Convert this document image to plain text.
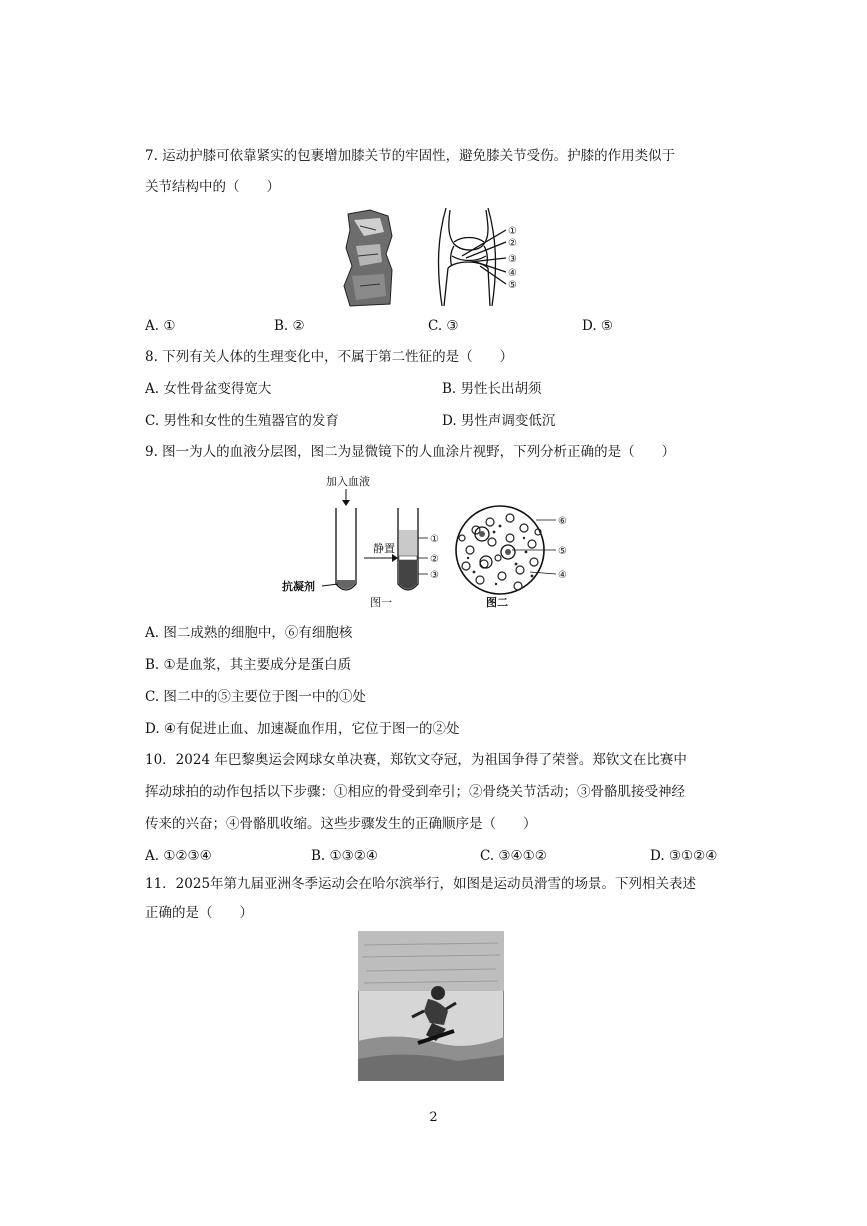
7. 运动护膝可依靠紧实的包裹增加膝关节的牢固性，避免膝关节受伤。护膝的作用类似于
关节结构中的（　　）
①
②
③
④
⑤
A. ①	B. ②	C. ③	D. ⑤
8. 下列有关人体的生理变化中，不属于第二性征的是（　　）
A. 女性骨盆变得宽大	B. 男性长出胡须
C. 男性和女性的生殖器官的发育	D. 男性声调变低沉
9. 图一为人的血液分层图，图二为显微镜下的人血涂片视野，下列分析正确的是（　　）
加入血液
抗凝剂
静置
①
②
③
图一
⑥
⑤
④
图二
A. 图二成熟的细胞中，⑥有细胞核
B. ①是血浆，其主要成分是蛋白质
C. 图二中的⑤主要位于图一中的①处
D. ④有促进止血、加速凝血作用，它位于图一的②处
10．2024 年巴黎奥运会网球女单决赛，郑钦文夺冠，为祖国争得了荣誉。郑钦文在比赛中
挥动球拍的动作包括以下步骤：①相应的骨受到牵引；②骨绕关节活动；③骨骼肌接受神经
传来的兴奋；④骨骼肌收缩。这些步骤发生的正确顺序是（　　）
A. ①②③④	B. ①③②④	C. ③④①②	D. ③①②④
11．2025年第九届亚洲冬季运动会在哈尔滨举行，如图是运动员滑雪的场景。下列相关表述
正确的是（　　）
2
